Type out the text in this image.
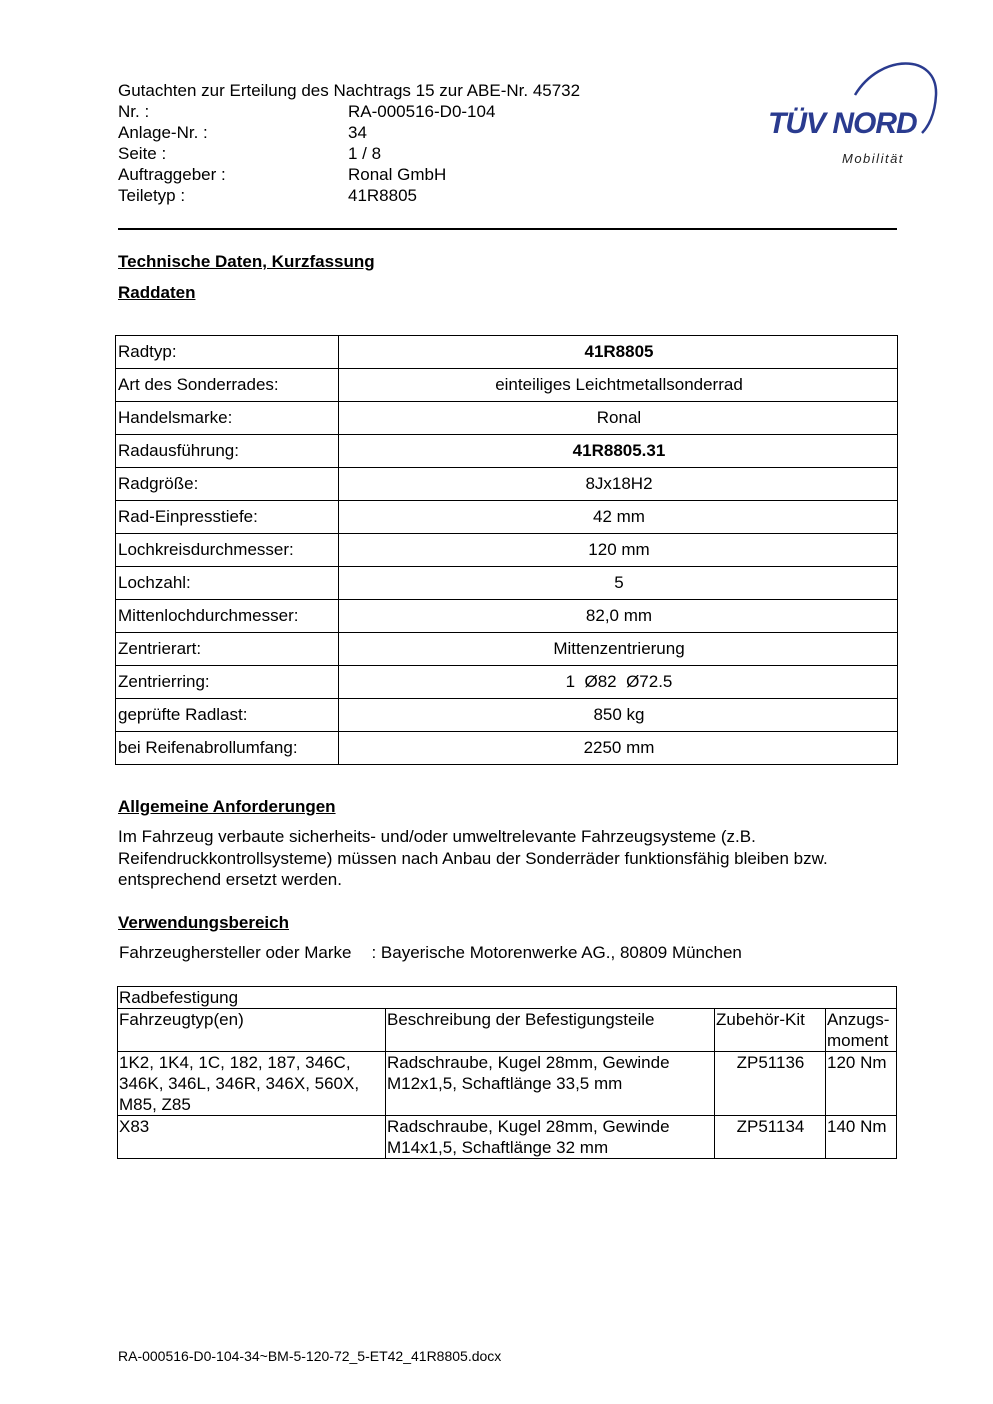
Gutachten zur Erteilung des Nachtrags 15 zur ABE-Nr. 45732
Nr. :	RA-000516-D0-104
Anlage-Nr. :	34
Seite :	1 / 8
Auftraggeber :	Ronal GmbH
Teiletyp :	41R8805
TÜV NORD
Mobilität
Technische Daten, Kurzfassung
Raddaten
Radtyp:	41R8805
Art des Sonderrades:	einteiliges Leichtmetallsonderrad
Handelsmarke:	Ronal
Radausführung:	41R8805.31
Radgröße:	8Jx18H2
Rad-Einpresstiefe:	42 mm
Lochkreisdurchmesser:	120 mm
Lochzahl:	5
Mittenlochdurchmesser:	82,0 mm
Zentrierart:	Mittenzentrierung
Zentrierring:	1  Ø82  Ø72.5
geprüfte Radlast:	850 kg
bei Reifenabrollumfang:	2250 mm
Allgemeine Anforderungen
Im Fahrzeug verbaute sicherheits- und/oder umweltrelevante Fahrzeugsysteme (z.B. Reifendruckkontrollsysteme) müssen nach Anbau der Sonderräder funktionsfähig bleiben bzw. entsprechend ersetzt werden.
Verwendungsbereich
Fahrzeughersteller oder Marke : Bayerische Motorenwerke AG., 80809 München
Radbefestigung			
Fahrzeugtyp(en)	Beschreibung der Befestigungsteile	Zubehör-Kit	Anzugs-
moment
1K2, 1K4, 1C, 182, 187, 346C,
346K, 346L, 346R, 346X, 560X,
M85, Z85	Radschraube, Kugel 28mm, Gewinde
M12x1,5, Schaftlänge 33,5 mm	ZP51136	120 Nm
X83	Radschraube, Kugel 28mm, Gewinde
M14x1,5, Schaftlänge 32 mm	ZP51134	140 Nm
RA-000516-D0-104-34~BM-5-120-72_5-ET42_41R8805.docx
